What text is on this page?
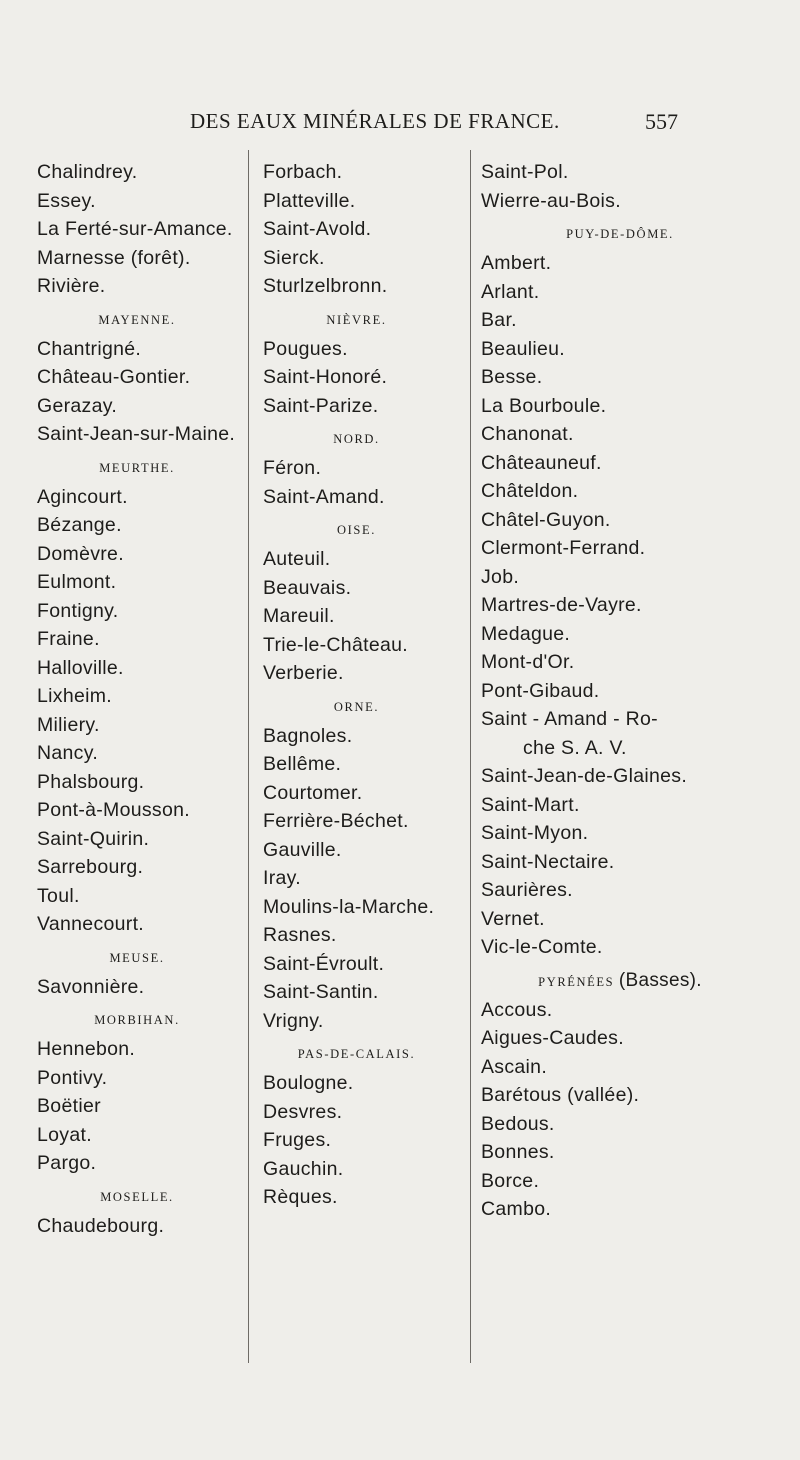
DES EAUX MINÉRALES DE FRANCE.	557
Chalindrey.
Essey.
La Ferté-sur-Amance.
Marnesse (forêt).
Rivière.
MAYENNE.
Chantrigné.
Château-Gontier.
Gerazay.
Saint-Jean-sur-Maine.
MEURTHE.
Agincourt.
Bézange.
Domèvre.
Eulmont.
Fontigny.
Fraine.
Halloville.
Lixheim.
Miliery.
Nancy.
Phalsbourg.
Pont-à-Mousson.
Saint-Quirin.
Sarrebourg.
Toul.
Vannecourt.
MEUSE.
Savonnière.
MORBIHAN.
Hennebon.
Pontivy.
Boëtier
Loyat.
Pargo.
MOSELLE.
Chaudebourg.
Forbach.
Platteville.
Saint-Avold.
Sierck.
Sturlzelbronn.
NIÈVRE.
Pougues.
Saint-Honoré.
Saint-Parize.
NORD.
Féron.
Saint-Amand.
OISE.
Auteuil.
Beauvais.
Mareuil.
Trie-le-Château.
Verberie.
ORNE.
Bagnoles.
Bellême.
Courtomer.
Ferrière-Béchet.
Gauville.
Iray.
Moulins-la-Marche.
Rasnes.
Saint-Évroult.
Saint-Santin.
Vrigny.
PAS-DE-CALAIS.
Boulogne.
Desvres.
Fruges.
Gauchin.
Rèques.
Saint-Pol.
Wierre-au-Bois.
PUY-DE-DÔME.
Ambert.
Arlant.
Bar.
Beaulieu.
Besse.
La Bourboule.
Chanonat.
Châteauneuf.
Châteldon.
Châtel-Guyon.
Clermont-Ferrand.
Job.
Martres-de-Vayre.
Medague.
Mont-d'Or.
Pont-Gibaud.
Saint - Amand - Ro-
che S. A. V.
Saint-Jean-de-Glaines.
Saint-Mart.
Saint-Myon.
Saint-Nectaire.
Saurières.
Vernet.
Vic-le-Comte.
PYRÉNÉES (Basses).
Accous.
Aigues-Caudes.
Ascain.
Barétous (vallée).
Bedous.
Bonnes.
Borce.
Cambo.
